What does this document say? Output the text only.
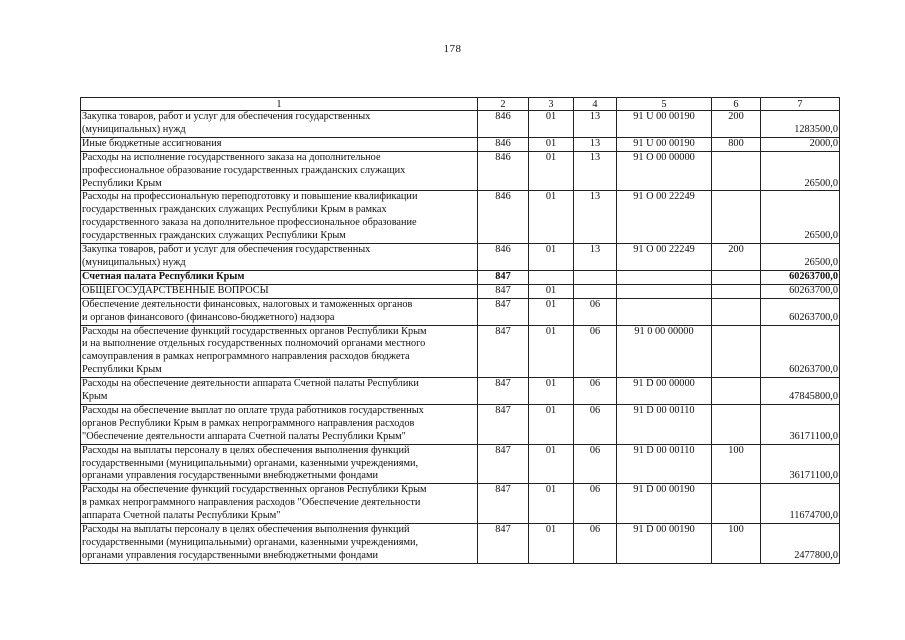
178
1	2	3	4	5	6	7

Закупка товаров, работ и услуг для обеспечения государственных
(муниципальных) нужд	846	01	13	91 U 00 00190	200	1283500,0

Иные бюджетные ассигнования	846	01	13	91 U 00 00190	800	2000,0

Расходы на исполнение государственного заказа на дополнительное
профессиональное образование государственных гражданских служащих
Республики Крым	846	01	13	91 O 00 00000		26500,0

Расходы на профессиональную переподготовку и повышение квалификации
государственных гражданских служащих Республики Крым в рамках
государственного заказа на дополнительное профессиональное образование
государственных гражданских служащих Республики Крым	846	01	13	91 O 00 22249		26500,0

Закупка товаров, работ и услуг для обеспечения государственных
(муниципальных) нужд	846	01	13	91 O 00 22249	200	26500,0

Счетная палата Республики Крым	847					60263700,0

ОБЩЕГОСУДАРСТВЕННЫЕ ВОПРОСЫ	847	01				60263700,0

Обеспечение деятельности финансовых, налоговых и таможенных органов
и органов финансового (финансово-бюджетного) надзора	847	01	06			60263700,0

Расходы на обеспечение функций государственных органов Республики Крым
и на выполнение отдельных государственных полномочий органами местного
самоуправления в рамках непрограммного направления расходов бюджета
Республики Крым	847	01	06	91 0 00 00000		60263700,0

Расходы на обеспечение деятельности аппарата Счетной палаты Республики
Крым	847	01	06	91 D 00 00000		47845800,0

Расходы на обеспечение выплат по оплате труда работников государственных
органов Республики Крым в рамках непрограммного направления расходов
"Обеспечение деятельности аппарата Счетной палаты Республики Крым"	847	01	06	91 D 00 00110		36171100,0

Расходы на выплаты персоналу в целях обеспечения выполнения функций
государственными (муниципальными) органами, казенными учреждениями,
органами управления государственными внебюджетными фондами	847	01	06	91 D 00 00110	100	36171100,0

Расходы на обеспечение функций государственных органов Республики Крым
в рамках непрограммного направления расходов "Обеспечение деятельности
аппарата Счетной палаты Республики Крым"	847	01	06	91 D 00 00190		11674700,0

Расходы на выплаты персоналу в целях обеспечения выполнения функций
государственными (муниципальными) органами, казенными учреждениями,
органами управления государственными внебюджетными фондами	847	01	06	91 D 00 00190	100	2477800,0
